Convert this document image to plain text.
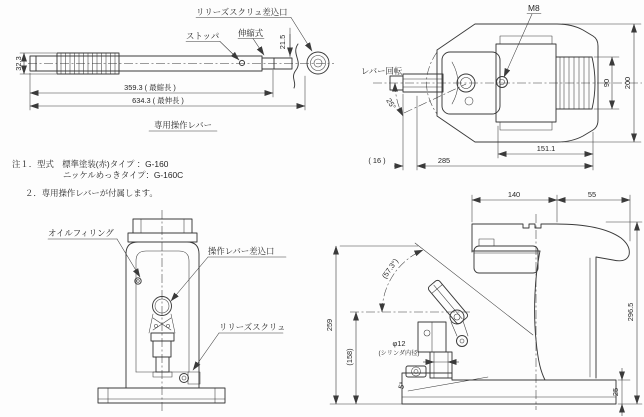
32.3
21.5
359.3 ( 最縮長 )
634.3 ( 最伸長 )
リリーズスクリュ差込口
ストッパ 伸縮式
専用操作レバー
注１．型式　標準塗装(赤)タイプ ：G-160
ニッケルめっきタイプ：G-160C
２．専用操作レバーが付属します。
M8
レバー回転
25°
90 200
151.1
285
( 16 )
オイルフィリング
操作レバー差込口
リリーズスクリュ
(57.3°)
5°
φ12
(シリンダ内径)
140	55
296.5
25
259
(158)
